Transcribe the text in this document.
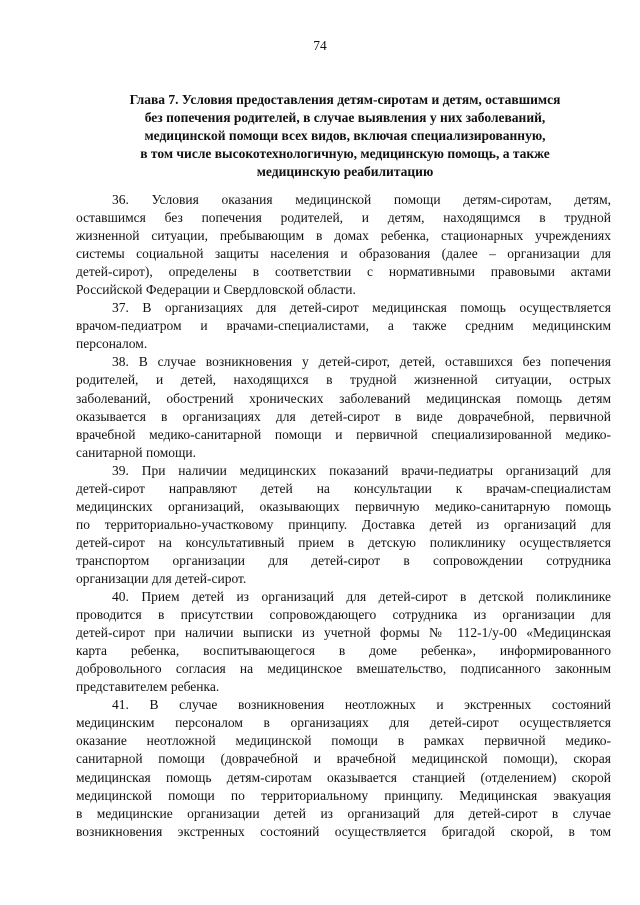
74
Глава 7. Условия предоставления детям-сиротам и детям, оставшимся
без попечения родителей, в случае выявления у них заболеваний,
медицинской помощи всех видов, включая специализированную,
в том числе высокотехнологичную, медицинскую помощь, а также
медицинскую реабилитацию
36. Условия оказания медицинской помощи детям-сиротам, детям,
оставшимся без попечения родителей, и детям, находящимся в трудной
жизненной ситуации, пребывающим в домах ребенка, стационарных учреждениях
системы социальной защиты населения и образования (далее – организации для
детей-сирот), определены в соответствии с нормативными правовыми актами
Российской Федерации и Свердловской области.
37. В организациях для детей-сирот медицинская помощь осуществляется
врачом-педиатром и врачами-специалистами, а также средним медицинским
персоналом.
38. В случае возникновения у детей-сирот, детей, оставшихся без попечения
родителей, и детей, находящихся в трудной жизненной ситуации, острых
заболеваний, обострений хронических заболеваний медицинская помощь детям
оказывается в организациях для детей-сирот в виде доврачебной, первичной
врачебной медико-санитарной помощи и первичной специализированной медико-
санитарной помощи.
39. При наличии медицинских показаний врачи-педиатры организаций для
детей-сирот направляют детей на консультации к врачам-специалистам
медицинских организаций, оказывающих первичную медико-санитарную помощь
по территориально-участковому принципу. Доставка детей из организаций для
детей-сирот на консультативный прием в детскую поликлинику осуществляется
транспортом организации для детей-сирот в сопровождении сотрудника
организации для детей-сирот.
40. Прием детей из организаций для детей-сирот в детской поликлинике
проводится в присутствии сопровождающего сотрудника из организации для
детей-сирот при наличии выписки из учетной формы № 112-1/у-00 «Медицинская
карта ребенка, воспитывающегося в доме ребенка», информированного
добровольного согласия на медицинское вмешательство, подписанного законным
представителем ребенка.
41. В случае возникновения неотложных и экстренных состояний
медицинским персоналом в организациях для детей-сирот осуществляется
оказание неотложной медицинской помощи в рамках первичной медико-
санитарной помощи (доврачебной и врачебной медицинской помощи), скорая
медицинская помощь детям-сиротам оказывается станцией (отделением) скорой
медицинской помощи по территориальному принципу. Медицинская эвакуация
в медицинские организации детей из организаций для детей-сирот в случае
возникновения экстренных состояний осуществляется бригадой скорой, в том
